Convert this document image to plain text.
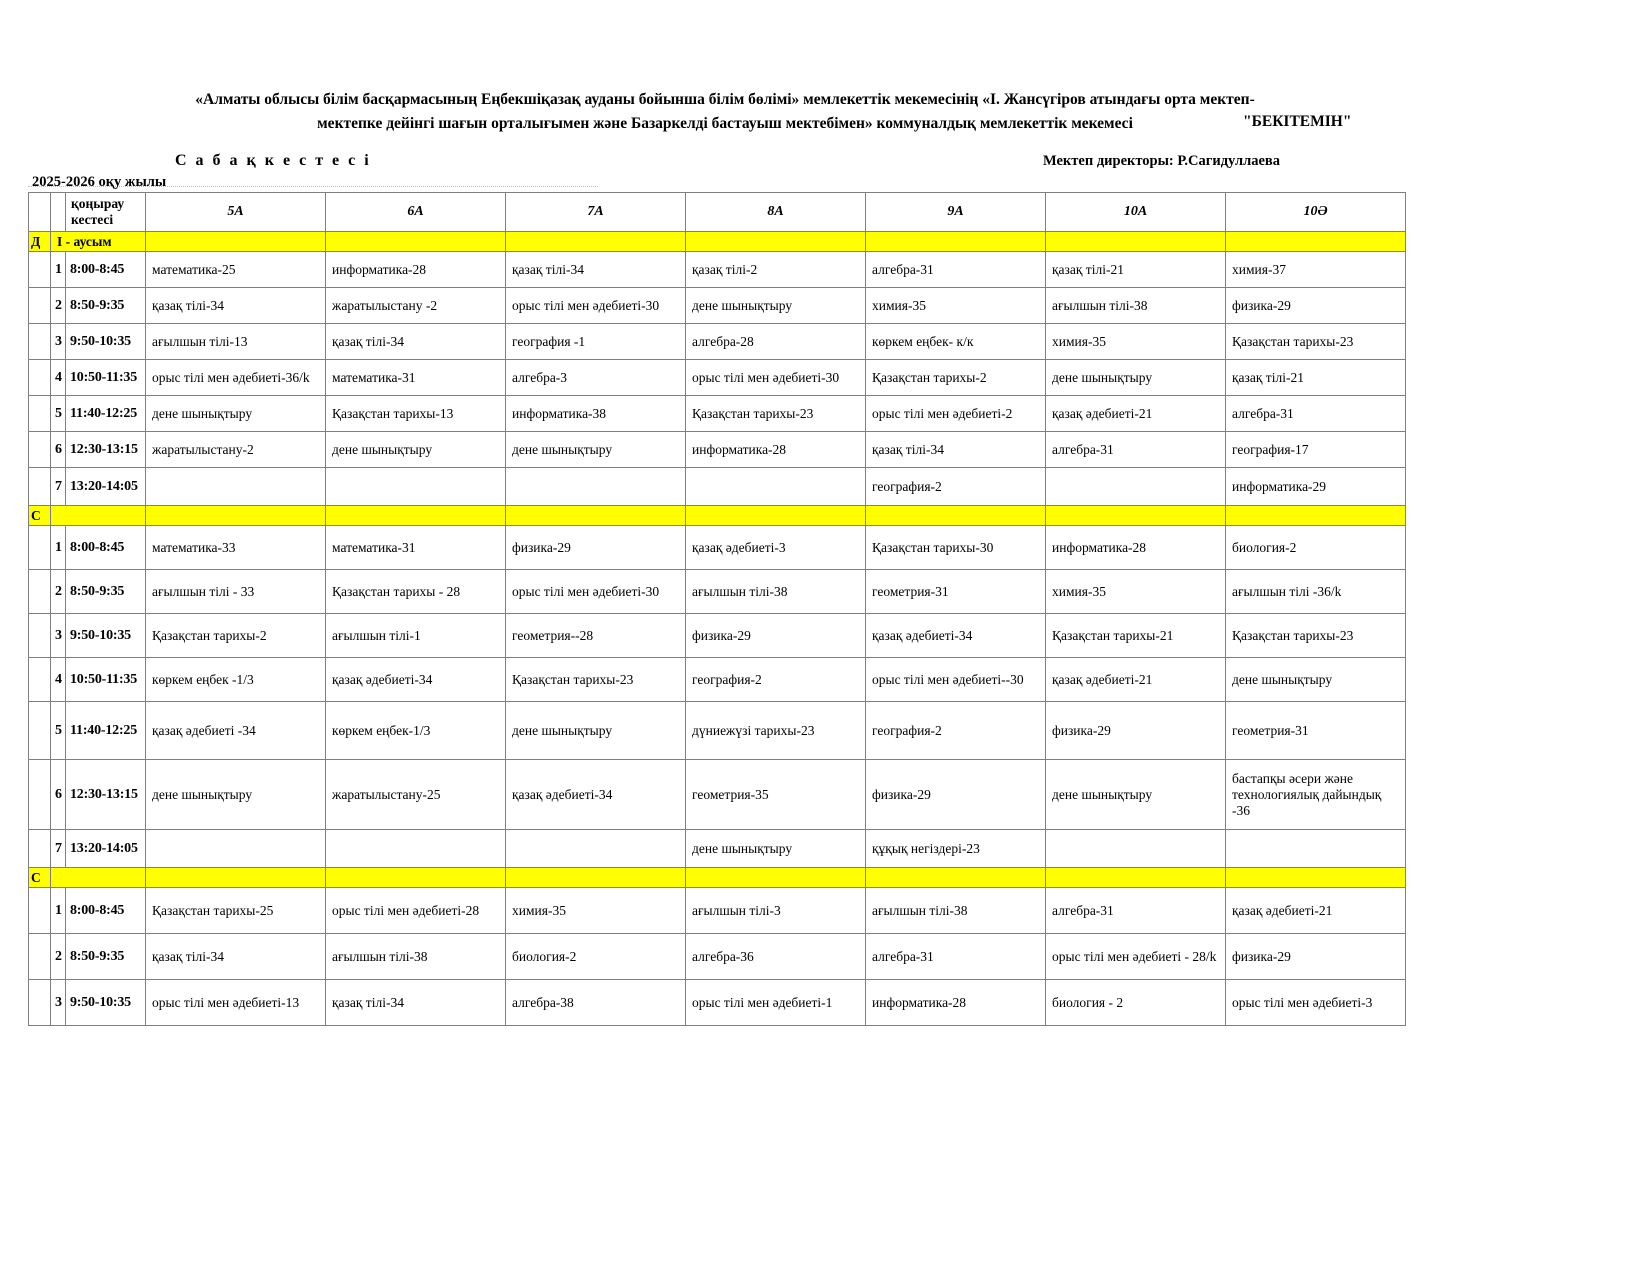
«Алматы облысы білім басқармасының Еңбекшіқазақ ауданы бойынша білім бөлімі» мемлекеттік мекемесінің «І. Жансүгіров атындағы орта мектеп-
мектепке дейінгі шағын орталығымен және Базаркелді бастауыш мектебімен» коммуналдық мемлекеттік мекемесі	"БЕКІТЕМІН"
С а б а қ к е с т е с і	Мектеп директоры: Р.Сагидуллаева
2025-2026 оқу жылы
		қоңырау кестесі	5А	6А	7А	8А	9А	10А	10Ә
Д	I - аусым								
	1	8:00-8:45	математика-25	информатика-28	қазақ тілі-34	қазақ тілі-2	алгебра-31	қазақ тілі-21	химия-37
	2	8:50-9:35	қазақ тілі-34	жаратылыстану -2	орыс тілі мен әдебиеті-30	дене шынықтыру	химия-35	ағылшын тілі-38	физика-29
	3	9:50-10:35	ағылшын тілі-13	қазақ тілі-34	география -1	алгебра-28	көркем еңбек- к/к	химия-35	Қазақстан тарихы-23
	4	10:50-11:35	орыс тілі мен әдебиеті-36/k	математика-31	алгебра-3	орыс тілі мен әдебиеті-30	Қазақстан тарихы-2	дене шынықтыру	қазақ тілі-21
	5	11:40-12:25	дене шынықтыру	Қазақстан тарихы-13	информатика-38	Қазақстан тарихы-23	орыс тілі мен әдебиеті-2	қазақ әдебиеті-21	алгебра-31
	6	12:30-13:15	жаратылыстану-2	дене шынықтыру	дене шынықтыру	информатика-28	қазақ тілі-34	алгебра-31	география-17
	7	13:20-14:05					география-2		информатика-29
С									
	1	8:00-8:45	математика-33	математика-31	физика-29	қазақ әдебиеті-3	Қазақстан тарихы-30	информатика-28	биология-2
	2	8:50-9:35	ағылшын тілі - 33	Қазақстан тарихы - 28	орыс тілі мен әдебиеті-30	ағылшын тілі-38	геометрия-31	химия-35	ағылшын тілі -36/k
	3	9:50-10:35	Қазақстан тарихы-2	ағылшын тілі-1	геометрия--28	физика-29	қазақ әдебиеті-34	Қазақстан тарихы-21	Қазақстан тарихы-23
	4	10:50-11:35	көркем еңбек -1/3	қазақ әдебиеті-34	Қазақстан тарихы-23	география-2	орыс тілі мен әдебиеті--30	қазақ әдебиеті-21	дене шынықтыру
	5	11:40-12:25	қазақ әдебиеті -34	көркем еңбек-1/3	дене шынықтыру	дүниежүзі тарихы-23	география-2	физика-29	геометрия-31
	6	12:30-13:15	дене шынықтыру	жаратылыстану-25	қазақ әдебиеті-34	геометрия-35	физика-29	дене шынықтыру	бастапқы әсери және технологиялық дайындық -36
	7	13:20-14:05				дене шынықтыру	құқық негіздері-23		
С									
	1	8:00-8:45	Қазақстан тарихы-25	орыс тілі мен әдебиеті-28	химия-35	ағылшын тілі-3	ағылшын тілі-38	алгебра-31	қазақ әдебиеті-21
	2	8:50-9:35	қазақ тілі-34	ағылшын тілі-38	биология-2	алгебра-36	алгебра-31	орыс тілі мен әдебиеті - 28/k	физика-29
	3	9:50-10:35	орыс тілі мен әдебиеті-13	қазақ тілі-34	алгебра-38	орыс тілі мен әдебиеті-1	информатика-28	биология - 2	орыс тілі мен әдебиеті-3
